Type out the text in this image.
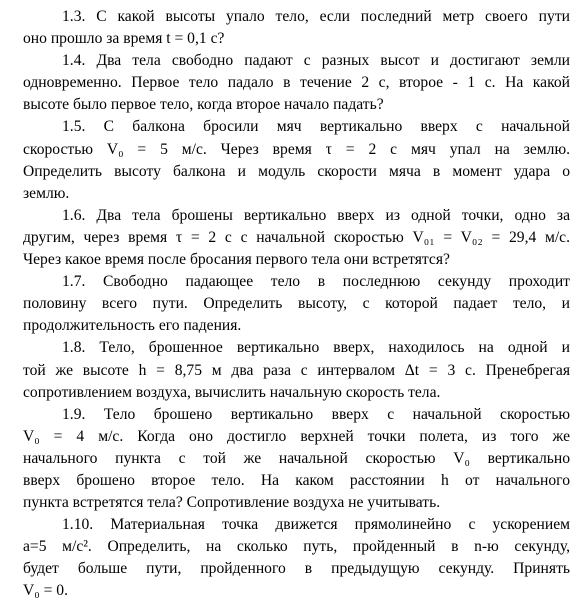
1.3. С какой высоты упало тело, если последний метр своего пути
оно прошло за время t = 0,1 с?
1.4. Два тела свободно падают с разных высот и достигают земли
одновременно. Первое тело падало в течение 2 с, второе - 1 с. На какой
высоте было первое тело, когда второе начало падать?
1.5. С балкона бросили мяч вертикально вверх с начальной
скоростью V₀ = 5 м/с. Через время τ = 2 с мяч упал на землю.
Определить высоту балкона и модуль скорости мяча в момент удара о
землю.
1.6. Два тела брошены вертикально вверх из одной точки, одно за
другим, через время τ = 2 с с начальной скоростью V₀₁ = V₀₂ = 29,4 м/с.
Через какое время после бросания первого тела они встретятся?
1.7. Свободно падающее тело в последнюю секунду проходит
половину всего пути. Определить высоту, с которой падает тело, и
продолжительность его падения.
1.8. Тело, брошенное вертикально вверх, находилось на одной и
той же высоте h = 8,75 м два раза с интервалом Δt = 3 с. Пренебрегая
сопротивлением воздуха, вычислить начальную скорость тела.
1.9. Тело брошено вертикально вверх с начальной скоростью
V₀ = 4 м/с. Когда оно достигло верхней точки полета, из того же
начального пункта с той же начальной скоростью V₀ вертикально
вверх брошено второе тело. На каком расстоянии h от начального
пункта встретятся тела? Сопротивление воздуха не учитывать.
1.10. Материальная точка движется прямолинейно с ускорением
a=5 м/с². Определить, на сколько путь, пройденный в n-ю секунду,
будет больше пути, пройденного в предыдущую секунду. Принять
V₀ = 0.
